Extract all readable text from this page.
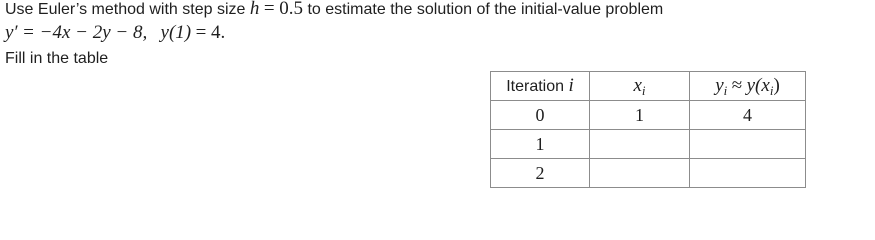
Use Euler’s method with step size h = 0.5 to estimate the solution of the initial-value problem
y′ = −4x − 2y − 8, y(1) = 4.
Fill in the table
Iteration i	$x_i$	$y_i \approx y(x_i)$
0	1	4
1		
2		
